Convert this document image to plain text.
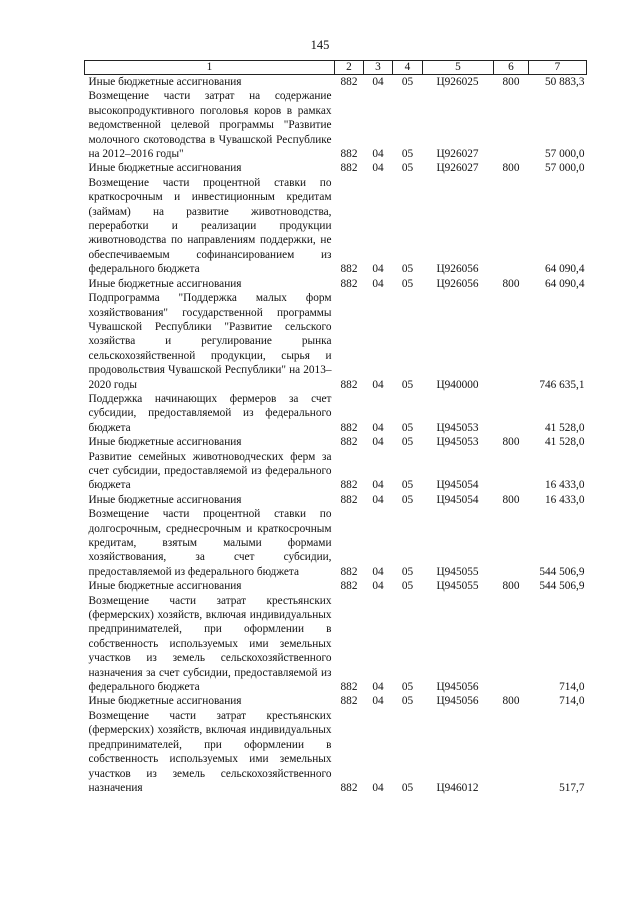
145
1	2	3	4	5	6	7
Иные бюджетные ассигнования	882	04	05	Ц926025	800	50 883,3
Возмещение части затрат на содержание высокопродуктивного поголовья коров в рамках ведомственной целевой программы "Развитие молочного скотоводства в Чувашской Республике на 2012–2016 годы"	882	04	05	Ц926027		57 000,0
Иные бюджетные ассигнования	882	04	05	Ц926027	800	57 000,0
Возмещение части процентной ставки по краткосрочным и инвестиционным кредитам (займам) на развитие животноводства, переработки и реализации продукции животноводства по направлениям поддержки, не обеспечиваемым софинансированием из федерального бюджета	882	04	05	Ц926056		64 090,4
Иные бюджетные ассигнования	882	04	05	Ц926056	800	64 090,4
Подпрограмма "Поддержка малых форм хозяйствования" государственной программы Чувашской Республики "Развитие сельского хозяйства и регулирование рынка сельскохозяйственной продукции, сырья и продовольствия Чувашской Республики" на 2013–2020 годы	882	04	05	Ц940000		746 635,1
Поддержка начинающих фермеров за счет субсидии, предоставляемой из федерального бюджета	882	04	05	Ц945053		41 528,0
Иные бюджетные ассигнования	882	04	05	Ц945053	800	41 528,0
Развитие семейных животноводческих ферм за счет субсидии, предоставляемой из федерального бюджета	882	04	05	Ц945054		16 433,0
Иные бюджетные ассигнования	882	04	05	Ц945054	800	16 433,0
Возмещение части процентной ставки по долгосрочным, среднесрочным и краткосрочным кредитам, взятым малыми формами хозяйствования, за счет субсидии, предоставляемой из федерального бюджета	882	04	05	Ц945055		544 506,9
Иные бюджетные ассигнования	882	04	05	Ц945055	800	544 506,9
Возмещение части затрат крестьянских (фермерских) хозяйств, включая индивидуальных предпринимателей, при оформлении в собственность используемых ими земельных участков из земель сельскохозяйственного назначения за счет субсидии, предоставляемой из федерального бюджета	882	04	05	Ц945056		714,0
Иные бюджетные ассигнования	882	04	05	Ц945056	800	714,0
Возмещение части затрат крестьянских (фермерских) хозяйств, включая индивидуальных предпринимателей, при оформлении в собственность используемых ими земельных участков из земель сельскохозяйственного назначения	882	04	05	Ц946012		517,7
